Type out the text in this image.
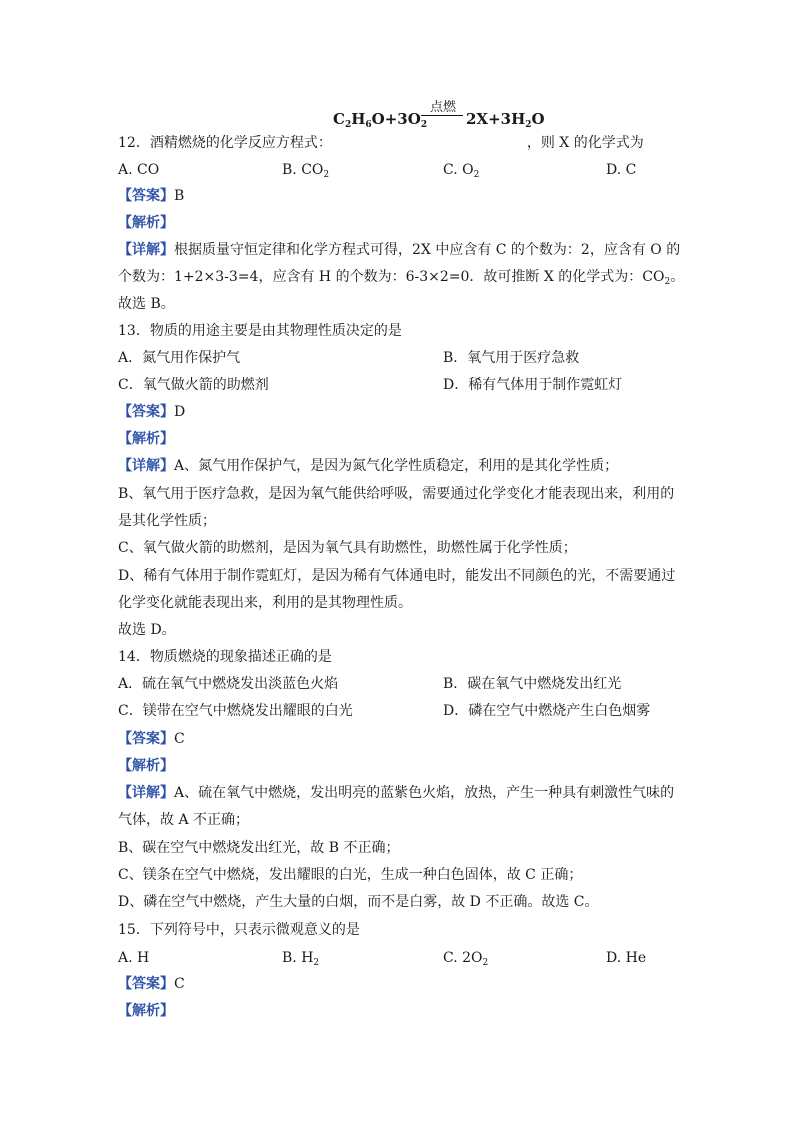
$C_2H_6O+3O_2$
点燃
$2X+3H_2O$
12．酒精燃烧的化学反应方程式：	，则 X 的化学式为
A. CO	B. $CO_2$	C. $O_2$	D. C
【答案】B
【解析】
【详解】根据质量守恒定律和化学方程式可得，2X 中应含有 C 的个数为：2，应含有 O 的
个数为：1+2×3-3=4，应含有 H 的个数为：6-3×2=0．故可推断 X 的化学式为：$CO_2$。
故选 B。
13．物质的用途主要是由其物理性质决定的是
A．氮气用作保护气	B．氧气用于医疗急救
C．氧气做火箭的助燃剂	D．稀有气体用于制作霓虹灯
【答案】D
【解析】
【详解】A、氮气用作保护气，是因为氮气化学性质稳定，利用的是其化学性质；
B、氧气用于医疗急救，是因为氧气能供给呼吸，需要通过化学变化才能表现出来，利用的
是其化学性质；
C、氧气做火箭的助燃剂，是因为氧气具有助燃性，助燃性属于化学性质；
D、稀有气体用于制作霓虹灯，是因为稀有气体通电时，能发出不同颜色的光，不需要通过
化学变化就能表现出来，利用的是其物理性质。
故选 D。
14．物质燃烧的现象描述正确的是
A．硫在氧气中燃烧发出淡蓝色火焰	B．碳在氧气中燃烧发出红光
C．镁带在空气中燃烧发出耀眼的白光	D．磷在空气中燃烧产生白色烟雾
【答案】C
【解析】
【详解】A、硫在氧气中燃烧，发出明亮的蓝紫色火焰，放热，产生一种具有刺激性气味的
气体，故 A 不正确；
B、碳在空气中燃烧发出红光，故 B 不正确；
C、镁条在空气中燃烧，发出耀眼的白光，生成一种白色固体，故 C 正确；
D、磷在空气中燃烧，产生大量的白烟，而不是白雾，故 D 不正确。故选 C。
15．下列符号中，只表示微观意义的是
A. H	B. $H_2$	C. $2O_2$	D. He
【答案】C
【解析】
